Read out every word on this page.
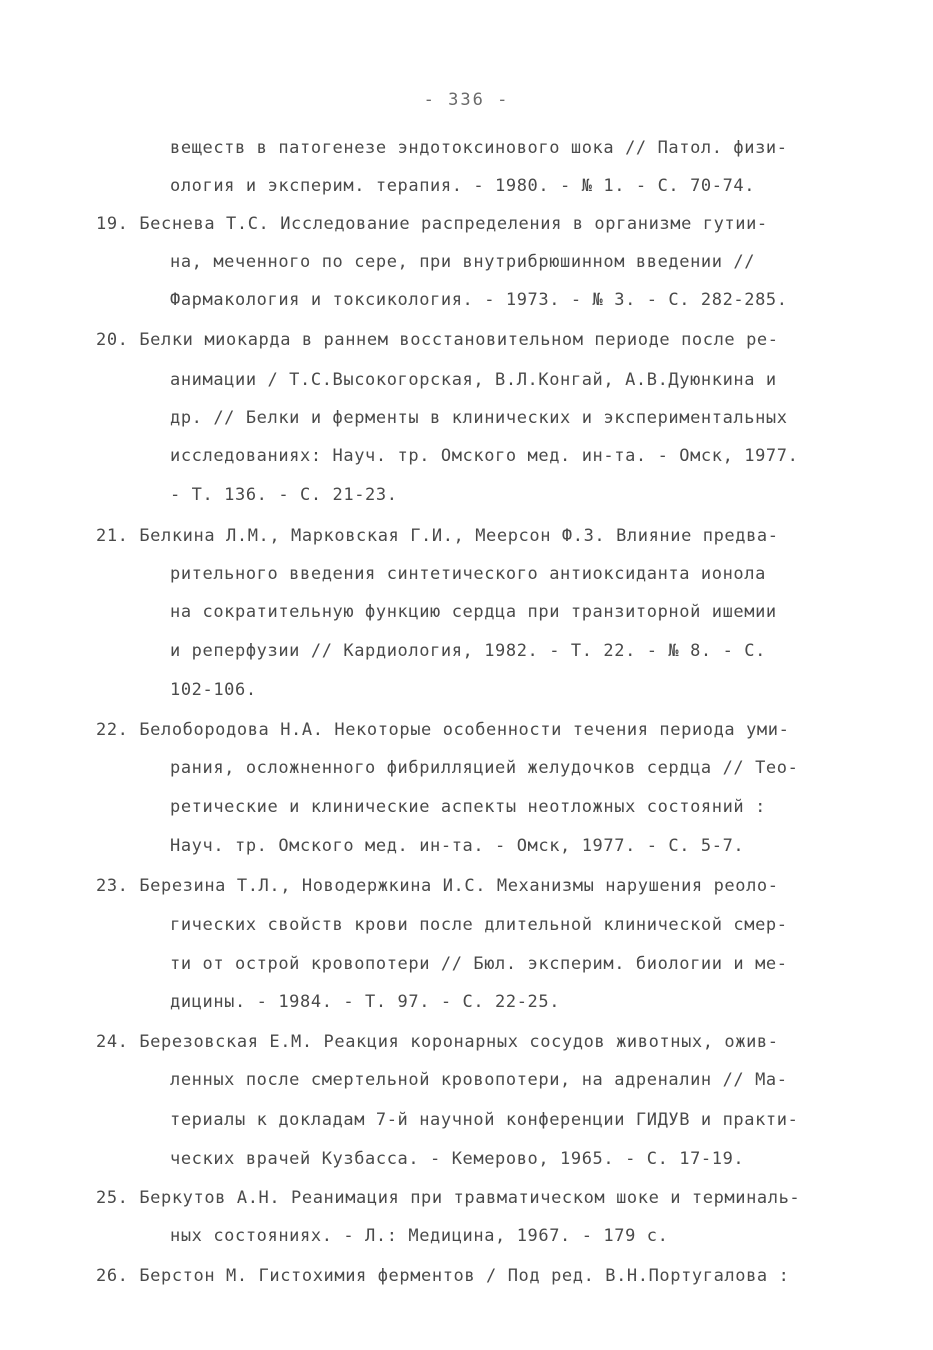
- 336 -
веществ в патогенезе эндотоксинового шока // Патол. физи-
ология и эксперим. терапия. - 1980. - № 1. - С. 70-74.
19. Беснева Т.С. Исследование распределения в организме гутии-
на, меченного по сере, при внутрибрюшинном введении //
Фармакология и токсикология. - 1973. - № 3. - С. 282-285.
20. Белки миокарда в раннем восстановительном периоде после ре-
анимации / Т.С.Высокогорская, В.Л.Конгай, А.В.Дуюнкина и
др. // Белки и ферменты в клинических и экспериментальных
исследованиях: Науч. тр. Омского мед. ин-та. - Омск, 1977.
- Т. 136. - С. 21-23.
21. Белкина Л.М., Марковская Г.И., Меерсон Ф.З. Влияние предва-
рительного введения синтетического антиоксиданта ионола
на сократительную функцию сердца при транзиторной ишемии
и реперфузии // Кардиология, 1982. - Т. 22. - № 8. - С.
102-106.
22. Белобородова Н.А. Некоторые особенности течения периода уми-
рания, осложненного фибрилляцией желудочков сердца // Тео-
ретические и клинические аспекты неотложных состояний :
Науч. тр. Омского мед. ин-та. - Омск, 1977. - С. 5-7.
23. Березина Т.Л., Новодержкина И.С. Механизмы нарушения реоло-
гических свойств крови после длительной клинической смер-
ти от острой кровопотери // Бюл. эксперим. биологии и ме-
дицины. - 1984. - Т. 97. - С. 22-25.
24. Березовская Е.М. Реакция коронарных сосудов животных, ожив-
ленных после смертельной кровопотери, на адреналин // Ма-
териалы к докладам 7-й научной конференции ГИДУВ и практи-
ческих врачей Кузбасса. - Кемерово, 1965. - С. 17-19.
25. Беркутов А.Н. Реанимация при травматическом шоке и терминаль-
ных состояниях. - Л.: Медицина, 1967. - 179 с.
26. Берстон М. Гистохимия ферментов / Под ред. В.Н.Португалова :
